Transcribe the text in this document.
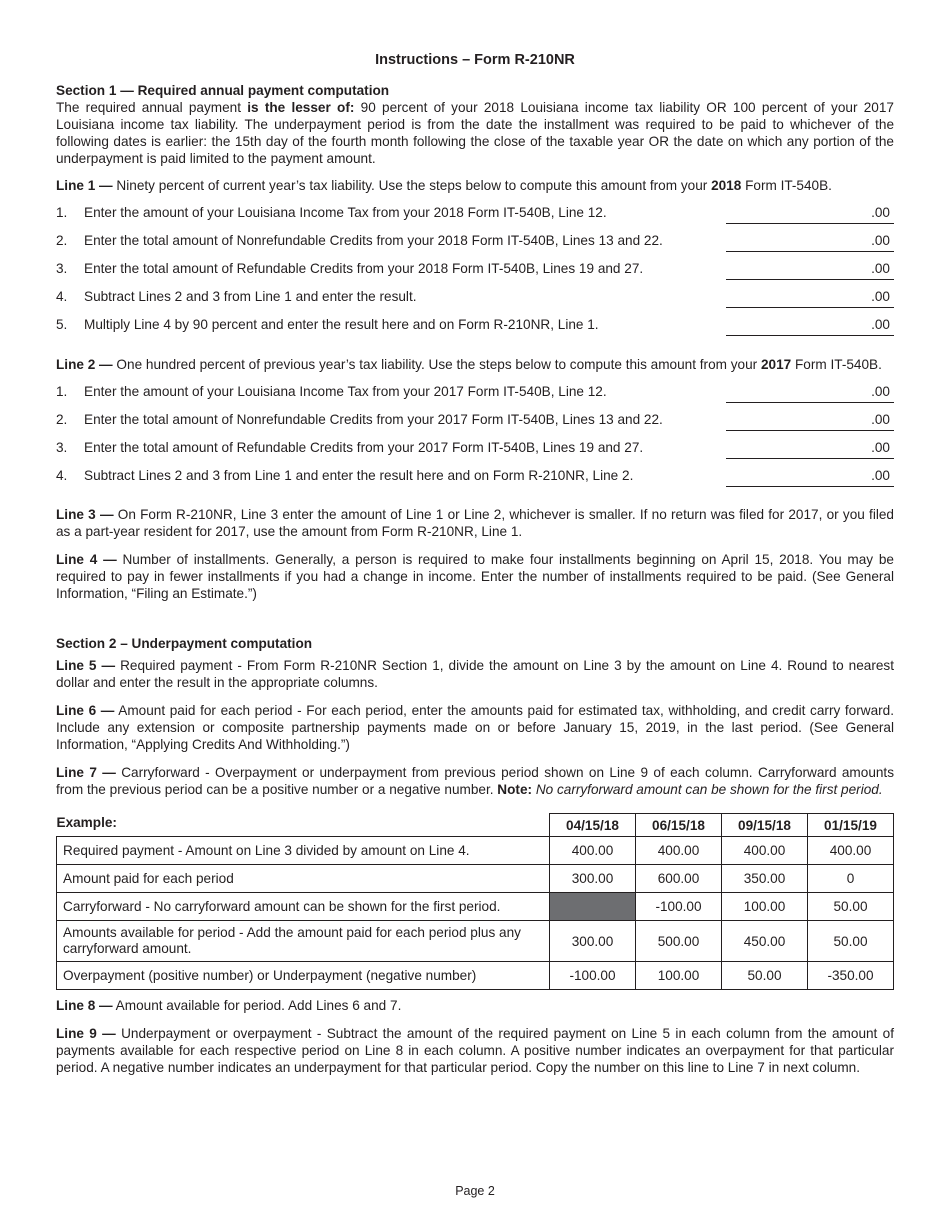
Instructions – Form R-210NR
Section 1 — Required annual payment computation
The required annual payment is the lesser of: 90 percent of your 2018 Louisiana income tax liability OR 100 percent of your 2017 Louisiana income tax liability. The underpayment period is from the date the installment was required to be paid to whichever of the following dates is earlier: the 15th day of the fourth month following the close of the taxable year OR the date on which any portion of the underpayment is paid limited to the payment amount.
Line 1 — Ninety percent of current year’s tax liability. Use the steps below to compute this amount from your 2018 Form IT-540B.
1. Enter the amount of your Louisiana Income Tax from your 2018 Form IT-540B, Line 12.	.00
2. Enter the total amount of Nonrefundable Credits from your 2018 Form IT-540B, Lines 13 and 22.	.00
3. Enter the total amount of Refundable Credits from your 2018 Form IT-540B, Lines 19 and 27.	.00
4. Subtract Lines 2 and 3 from Line 1 and enter the result.	.00
5. Multiply Line 4 by 90 percent and enter the result here and on Form R-210NR, Line 1.	.00
Line 2 — One hundred percent of previous year’s tax liability. Use the steps below to compute this amount from your 2017 Form IT-540B.
1. Enter the amount of your Louisiana Income Tax from your 2017 Form IT-540B, Line 12.	.00
2. Enter the total amount of Nonrefundable Credits from your 2017 Form IT-540B, Lines 13 and 22.	.00
3. Enter the total amount of Refundable Credits from your 2017 Form IT-540B, Lines 19 and 27.	.00
4. Subtract Lines 2 and 3 from Line 1 and enter the result here and on Form R-210NR, Line 2.	.00
Line 3 — On Form R-210NR, Line 3 enter the amount of Line 1 or Line 2, whichever is smaller. If no return was filed for 2017, or you filed as a part-year resident for 2017, use the amount from Form R-210NR, Line 1.
Line 4 — Number of installments. Generally, a person is required to make four installments beginning on April 15, 2018. You may be required to pay in fewer installments if you had a change in income. Enter the number of installments required to be paid. (See General Information, “Filing an Estimate.”)
Section 2 – Underpayment computation
Line 5 — Required payment - From Form R-210NR Section 1, divide the amount on Line 3 by the amount on Line 4. Round to nearest dollar and enter the result in the appropriate columns.
Line 6 — Amount paid for each period - For each period, enter the amounts paid for estimated tax, withholding, and credit carry forward. Include any extension or composite partnership payments made on or before January 15, 2019, in the last period. (See General Information, “Applying Credits And Withholding.”)
Line 7 — Carryforward - Overpayment or underpayment from previous period shown on Line 9 of each column. Carryforward amounts from the previous period can be a positive number or a negative number. Note: No carryforward amount can be shown for the first period.
Example:	04/15/18	06/15/18	09/15/18	01/15/19
Required payment - Amount on Line 3 divided by amount on Line 4.	400.00	400.00	400.00	400.00
Amount paid for each period	300.00	600.00	350.00	0
Carryforward - No carryforward amount can be shown for the first period.		-100.00	100.00	50.00
Amounts available for period - Add the amount paid for each period plus any carryforward amount.	300.00	500.00	450.00	50.00
Overpayment (positive number) or Underpayment (negative number)	-100.00	100.00	50.00	-350.00
Line 8 — Amount available for period. Add Lines 6 and 7.
Line 9 — Underpayment or overpayment - Subtract the amount of the required payment on Line 5 in each column from the amount of payments available for each respective period on Line 8 in each column. A positive number indicates an overpayment for that particular period. A negative number indicates an underpayment for that particular period. Copy the number on this line to Line 7 in next column.
Page 2
